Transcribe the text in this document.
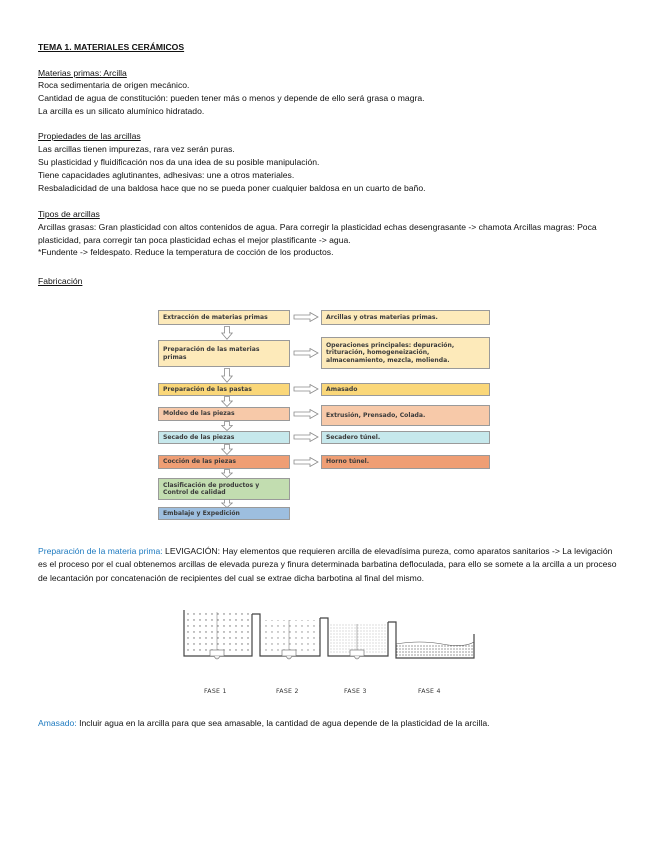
TEMA 1. MATERIALES CERÁMICOS
Materias primas: Arcilla
Roca sedimentaria de origen mecánico.
Cantidad de agua de constitución: pueden tener más o menos y depende de ello será grasa o magra.
La arcilla es un silicato alumínico hidratado.
Propiedades de las arcillas
Las arcillas tienen impurezas, rara vez serán puras.
Su plasticidad y fluidificación nos da una idea de su posible manipulación.
Tiene capacidades aglutinantes, adhesivas: une a otros materiales.
Resbaladicidad de una baldosa hace que no se pueda poner cualquier baldosa en un cuarto de baño.
Tipos de arcillas
Arcillas grasas: Gran plasticidad con altos contenidos de agua. Para corregir la plasticidad echas desengrasante -> chamota Arcillas magras: Poca plasticidad, para corregir tan poca plasticidad echas el mejor plastificante -> agua.
*Fundente -> feldespato. Reduce la temperatura de cocción de los productos.
Fabricación
Extracción de materias primas
Preparación de las materias primas
Preparación de las pastas
Moldeo de las piezas
Secado de las piezas
Cocción de las piezas
Clasificación de productos y Control de calidad
Embalaje y Expedición
Arcillas y otras materias primas.
Operaciones principales: depuración, trituración, homogeneización, almacenamiento, mezcla, molienda.
Amasado
Extrusión, Prensado, Colada.
Secadero túnel.
Horno túnel.
Preparación de la materia prima: LEVIGACIÓN: Hay elementos que requieren arcilla de elevadísima pureza, como aparatos sanitarios -> La levigación es el proceso por el cual obtenemos arcillas de elevada pureza y finura determinada barbatina defloculada, para ello se somete a la arcilla a un proceso de lecantación por concatenación de recipientes del cual se extrae dicha barbotina al final del mismo.
FASE 1	FASE 2	FASE 3	FASE 4
Amasado: Incluir agua en la arcilla para que sea amasable, la cantidad de agua depende de la plasticidad de la arcilla.
